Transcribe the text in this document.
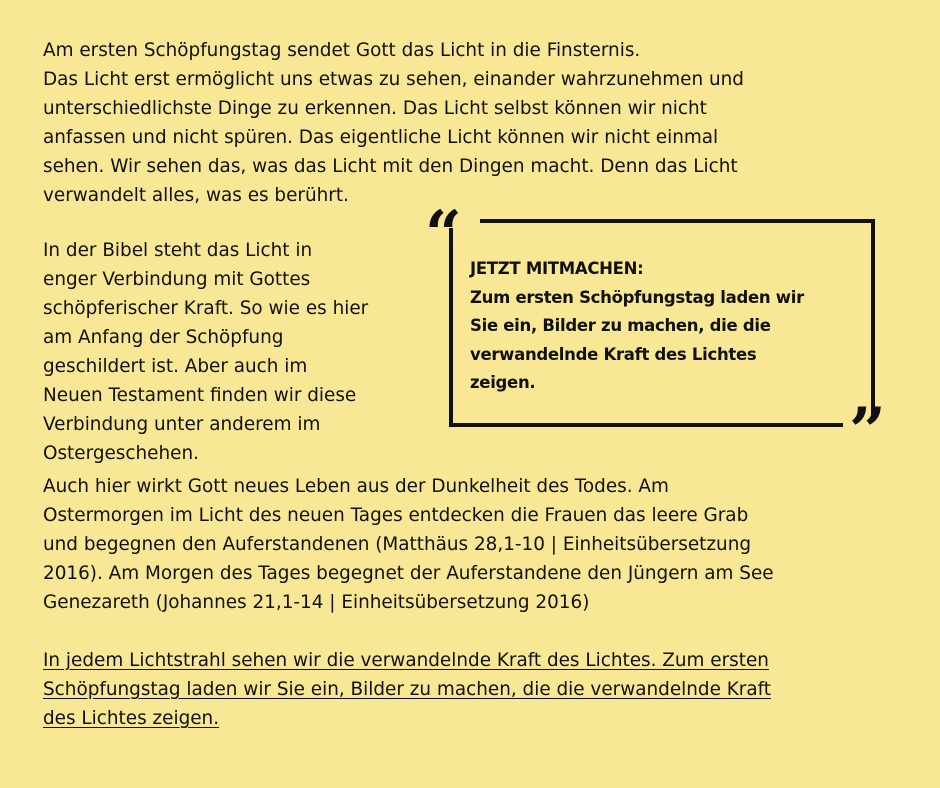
Am ersten Schöpfungstag sendet Gott das Licht in die Finsternis.
Das Licht erst ermöglicht uns etwas zu sehen, einander wahrzunehmen und
unterschiedlichste Dinge zu erkennen. Das Licht selbst können wir nicht
anfassen und nicht spüren. Das eigentliche Licht können wir nicht einmal
sehen. Wir sehen das, was das Licht mit den Dingen macht. Denn das Licht
verwandelt alles, was es berührt.
In der Bibel steht das Licht in
enger Verbindung mit Gottes
schöpferischer Kraft. So wie es hier
am Anfang der Schöpfung
geschildert ist. Aber auch im
Neuen Testament finden wir diese
Verbindung unter anderem im
Ostergeschehen.
“
”
JETZT MITMACHEN:
Zum ersten Schöpfungstag laden wir
Sie ein, Bilder zu machen, die die
verwandelnde Kraft des Lichtes
zeigen.
Auch hier wirkt Gott neues Leben aus der Dunkelheit des Todes. Am
Ostermorgen im Licht des neuen Tages entdecken die Frauen das leere Grab
und begegnen den Auferstandenen (Matthäus 28,1-10 | Einheitsübersetzung
2016). Am Morgen des Tages begegnet der Auferstandene den Jüngern am See
Genezareth (Johannes 21,1-14 | Einheitsübersetzung 2016)
In jedem Lichtstrahl sehen wir die verwandelnde Kraft des Lichtes. Zum ersten
Schöpfungstag laden wir Sie ein, Bilder zu machen, die die verwandelnde Kraft
des Lichtes zeigen.
